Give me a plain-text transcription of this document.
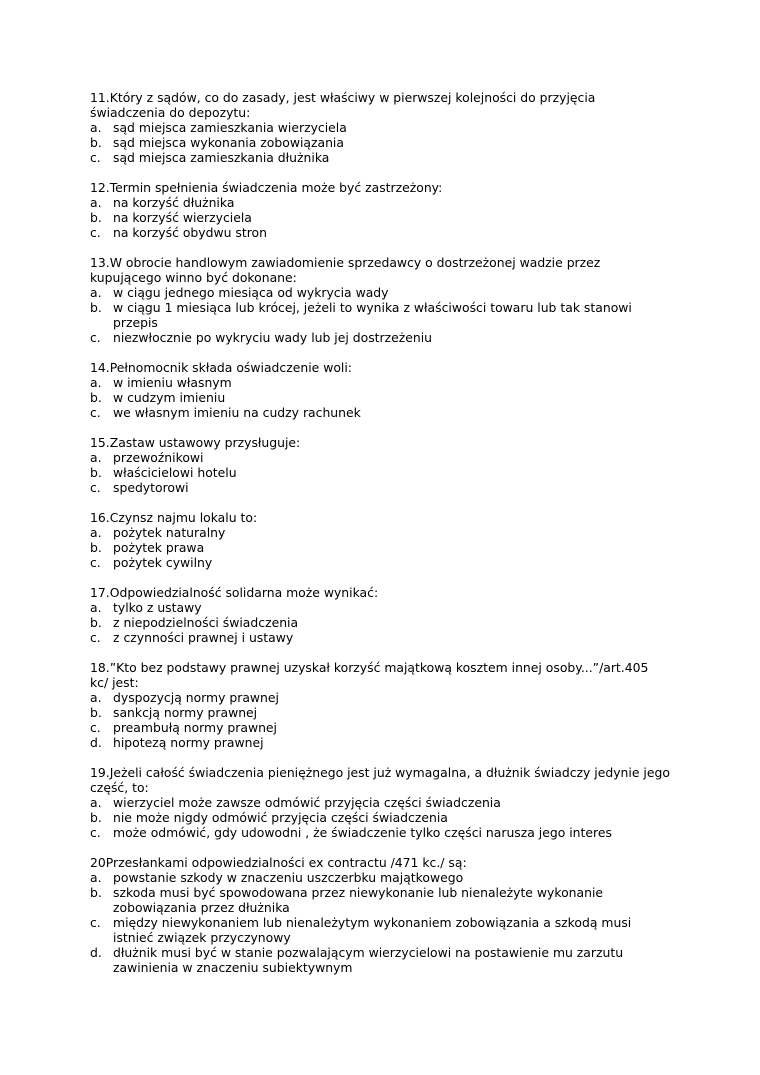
11.Który z sądów, co do zasady, jest właściwy w pierwszej kolejności do przyjęcia świadczenia do depozytu:

a. sąd miejsca zamieszkania wierzyciela
b. sąd miejsca wykonania zobowiązania
c. sąd miejsca zamieszkania dłużnika

12.Termin spełnienia świadczenia może być zastrzeżony:

a. na korzyść dłużnika
b. na korzyść wierzyciela
c. na korzyść obydwu stron

13.W obrocie handlowym zawiadomienie sprzedawcy o dostrzeżonej wadzie przez kupującego winno być dokonane:

a. w ciągu jednego miesiąca od wykrycia wady
b. w ciągu 1 miesiąca lub krócej, jeżeli to wynika z właściwości towaru lub tak stanowi przepis
c. niezwłocznie po wykryciu wady lub jej dostrzeżeniu

14.Pełnomocnik składa oświadczenie woli:

a. w imieniu własnym
b. w cudzym imieniu
c. we własnym imieniu na cudzy rachunek

15.Zastaw ustawowy przysługuje:

a. przewoźnikowi
b. właścicielowi hotelu
c. spedytorowi

16.Czynsz najmu lokalu to:

a. pożytek naturalny
b. pożytek prawa
c. pożytek cywilny

17.Odpowiedzialność solidarna może wynikać:

a. tylko z ustawy
b. z niepodzielności świadczenia
c. z czynności prawnej i ustawy

18.”Kto bez podstawy prawnej uzyskał korzyść majątkową kosztem innej osoby...”/art.405 kc/ jest:

a. dyspozycją normy prawnej
b. sankcją normy prawnej
c. preambułą normy prawnej
d. hipotezą normy prawnej

19.Jeżeli całość świadczenia pieniężnego jest już wymagalna, a dłużnik świadczy jedynie jego część, to:

a. wierzyciel może zawsze odmówić przyjęcia części świadczenia
b. nie może nigdy odmówić przyjęcia części świadczenia
c. może odmówić, gdy udowodni , że świadczenie tylko części narusza jego interes

20Przesłankami odpowiedzialności ex contractu /471 kc./ są:

a. powstanie szkody w znaczeniu uszczerbku majątkowego
b. szkoda musi być spowodowana przez niewykonanie lub nienależyte wykonanie zobowiązania przez dłużnika
c. między niewykonaniem lub nienależytym wykonaniem zobowiązania a szkodą musi istnieć związek przyczynowy
d. dłużnik musi być w stanie pozwalającym wierzycielowi na postawienie mu zarzutu zawinienia w znaczeniu subiektywnym
